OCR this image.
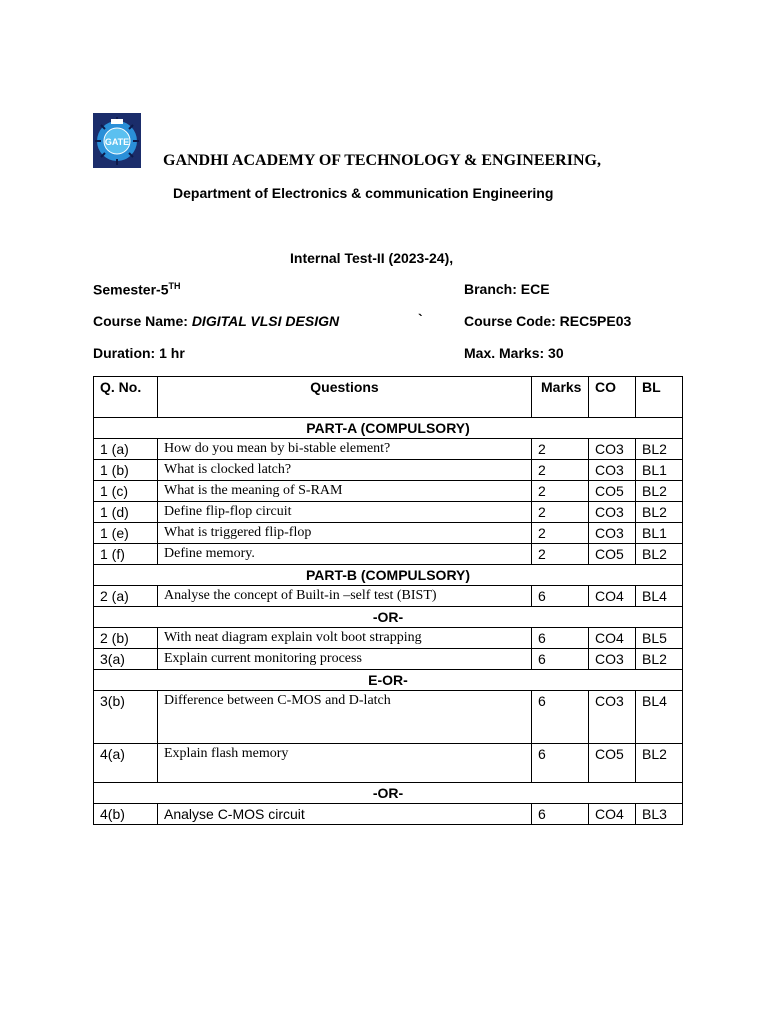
GATE
GANDHI ACADEMY OF TECHNOLOGY & ENGINEERING,
Department of Electronics & communication Engineering
Internal Test-II (2023-24),
Semester-5TH	Branch: ECE
Course Name: DIGITAL VLSI DESIGN	`	Course Code: REC5PE03
Duration: 1 hr	Max. Marks: 30
Q. No.	Questions	Marks	CO	BL
PART-A (COMPULSORY)				
1 (a)	How do you mean by bi-stable element?	2	CO3	BL2
1 (b)	What is clocked latch?	2	CO3	BL1
1 (c)	What is the meaning of S-RAM	2	CO5	BL2
1 (d)	Define flip-flop circuit	2	CO3	BL2
1 (e)	What is triggered flip-flop	2	CO3	BL1
1 (f)	Define memory.	2	CO5	BL2
PART-B (COMPULSORY)				
2 (a)	Analyse the concept of Built-in –self test (BIST)	6	CO4	BL4
-OR-				
2 (b)	With neat diagram explain volt boot strapping	6	CO4	BL5
3(a)	Explain current monitoring process	6	CO3	BL2
E-OR-				
3(b)	Difference between C-MOS and D-latch	6	CO3	BL4
4(a)	Explain flash memory	6	CO5	BL2
-OR-				
4(b)	Analyse C-MOS circuit	6	CO4	BL3
